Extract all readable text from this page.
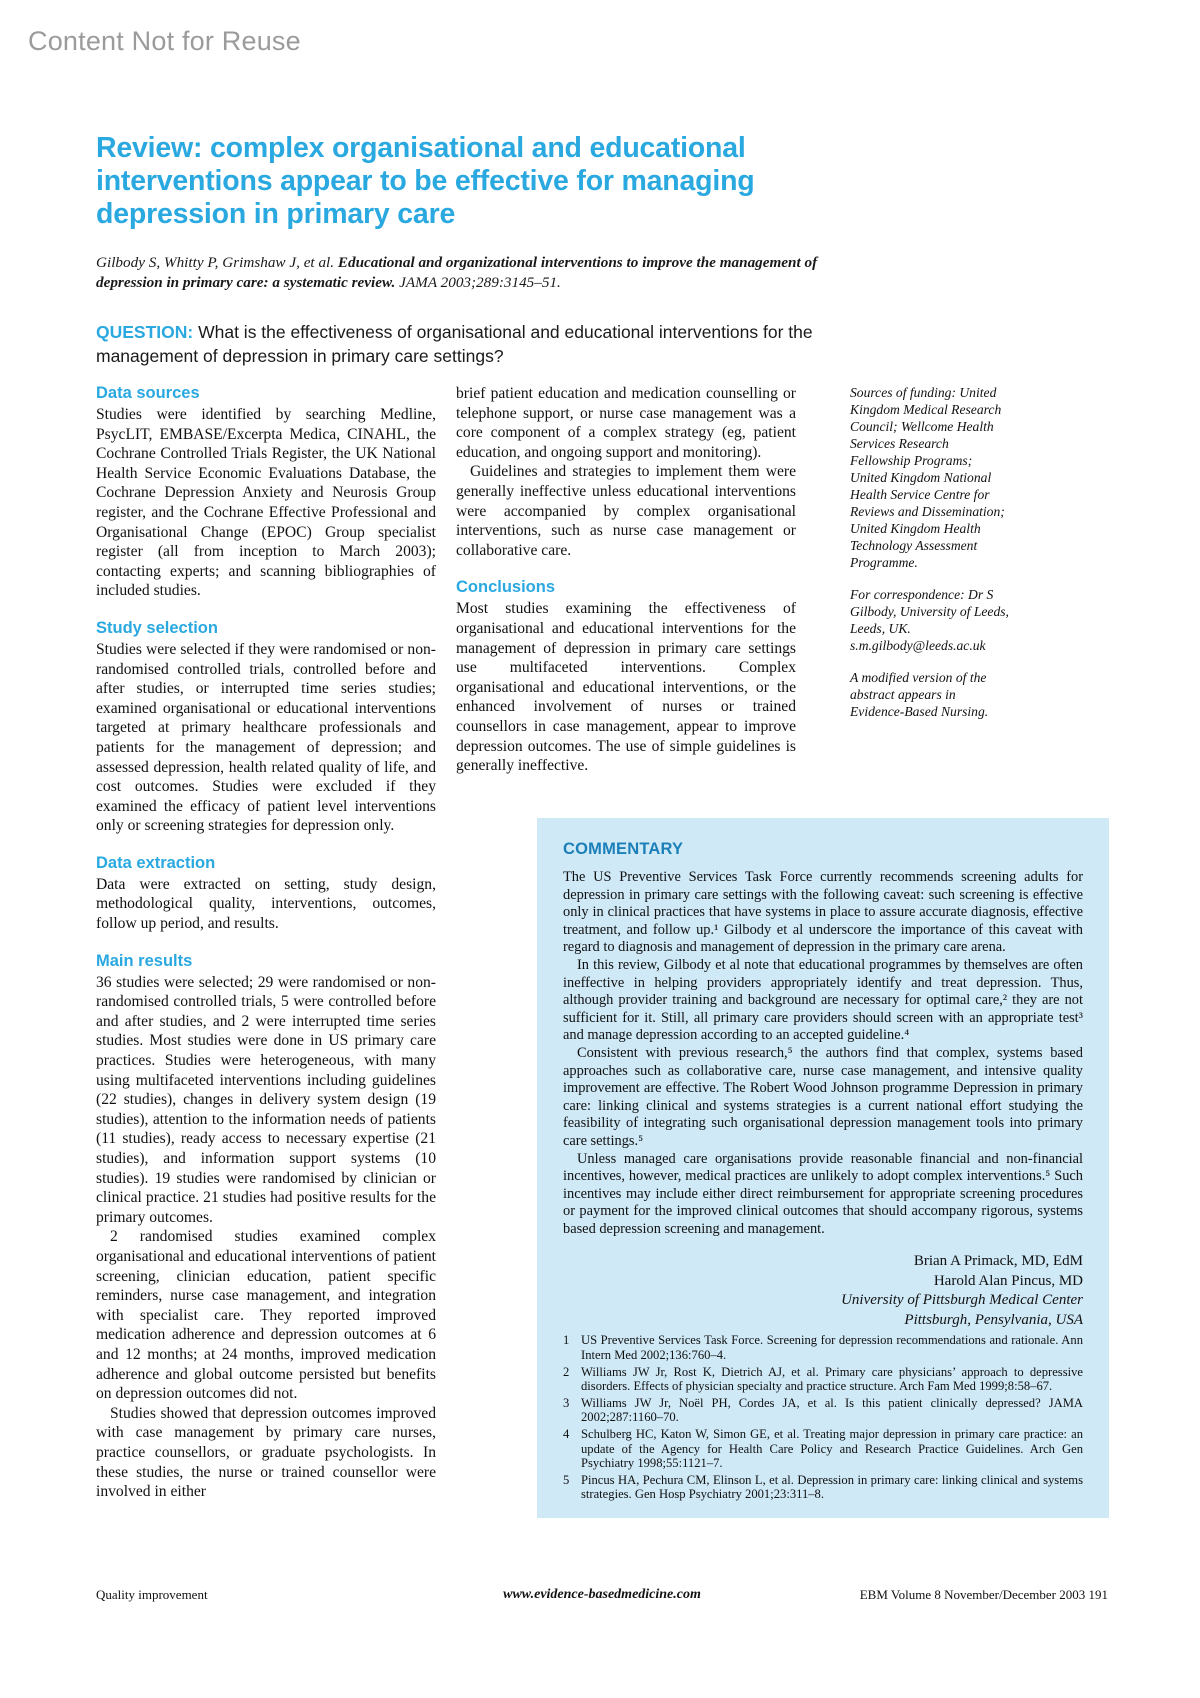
Content Not for Reuse
Review: complex organisational and educational interventions appear to be effective for managing depression in primary care
Gilbody S, Whitty P, Grimshaw J, et al. Educational and organizational interventions to improve the management of depression in primary care: a systematic review. JAMA 2003;289:3145–51.
QUESTION: What is the effectiveness of organisational and educational interventions for the management of depression in primary care settings?
Data sources

Studies were identified by searching Medline, PsycLIT, EMBASE/Excerpta Medica, CINAHL, the Cochrane Controlled Trials Register, the UK National Health Service Economic Evaluations Database, the Cochrane Depression Anxiety and Neurosis Group register, and the Cochrane Effective Professional and Organisational Change (EPOC) Group specialist register (all from inception to March 2003); contacting experts; and scanning bibliographies of included studies.

Study selection

Studies were selected if they were randomised or non-randomised controlled trials, controlled before and after studies, or interrupted time series studies; examined organisational or educational interventions targeted at primary healthcare professionals and patients for the management of depression; and assessed depression, health related quality of life, and cost outcomes. Studies were excluded if they examined the efficacy of patient level interventions only or screening strategies for depression only.

Data extraction

Data were extracted on setting, study design, methodological quality, interventions, outcomes, follow up period, and results.

Main results

36 studies were selected; 29 were randomised or non-randomised controlled trials, 5 were controlled before and after studies, and 2 were interrupted time series studies. Most studies were done in US primary care practices. Studies were heterogeneous, with many using multifaceted interventions including guidelines (22 studies), changes in delivery system design (19 studies), attention to the information needs of patients (11 studies), ready access to necessary expertise (21 studies), and information support systems (10 studies). 19 studies were randomised by clinician or clinical practice. 21 studies had positive results for the primary outcomes.

2 randomised studies examined complex organisational and educational interventions of patient screening, clinician education, patient specific reminders, nurse case management, and integration with specialist care. They reported improved medication adherence and depression outcomes at 6 and 12 months; at 24 months, improved medication adherence and global outcome persisted but benefits on depression outcomes did not.

Studies showed that depression outcomes improved with case management by primary care nurses, practice counsellors, or graduate psychologists. In these studies, the nurse or trained counsellor were involved in either

brief patient education and medication counselling or telephone support, or nurse case management was a core component of a complex strategy (eg, patient education, and ongoing support and monitoring).

Guidelines and strategies to implement them were generally ineffective unless educational interventions were accompanied by complex organisational interventions, such as nurse case management or collaborative care.

Conclusions

Most studies examining the effectiveness of organisational and educational interventions for the management of depression in primary care settings use multifaceted interventions. Complex organisational and educational interventions, or the enhanced involvement of nurses or trained counsellors in case management, appear to improve depression outcomes. The use of simple guidelines is generally ineffective.

Sources of funding: United Kingdom Medical Research Council; Wellcome Health Services Research Fellowship Programs; United Kingdom National Health Service Centre for Reviews and Dissemination; United Kingdom Health Technology Assessment Programme.
For correspondence: Dr S Gilbody, University of Leeds, Leeds, UK. s.m.gilbody@leeds.ac.uk
A modified version of the abstract appears in Evidence-Based Nursing.
COMMENTARY

The US Preventive Services Task Force currently recommends screening adults for depression in primary care settings with the following caveat: such screening is effective only in clinical practices that have systems in place to assure accurate diagnosis, effective treatment, and follow up.¹ Gilbody et al underscore the importance of this caveat with regard to diagnosis and management of depression in the primary care arena.

In this review, Gilbody et al note that educational programmes by themselves are often ineffective in helping providers appropriately identify and treat depression. Thus, although provider training and background are necessary for optimal care,² they are not sufficient for it. Still, all primary care providers should screen with an appropriate test³ and manage depression according to an accepted guideline.⁴

Consistent with previous research,⁵ the authors find that complex, systems based approaches such as collaborative care, nurse case management, and intensive quality improvement are effective. The Robert Wood Johnson programme Depression in primary care: linking clinical and systems strategies is a current national effort studying the feasibility of integrating such organisational depression management tools into primary care settings.⁵

Unless managed care organisations provide reasonable financial and non-financial incentives, however, medical practices are unlikely to adopt complex interventions.⁵ Such incentives may include either direct reimbursement for appropriate screening procedures or payment for the improved clinical outcomes that should accompany rigorous, systems based depression screening and management.

Brian A Primack, MD, EdM
Harold Alan Pincus, MD
University of Pittsburgh Medical Center
Pittsburgh, Pensylvania, USA
1 US Preventive Services Task Force. Screening for depression recommendations and rationale. Ann Intern Med 2002;136:760–4.
2 Williams JW Jr, Rost K, Dietrich AJ, et al. Primary care physicians’ approach to depressive disorders. Effects of physician specialty and practice structure. Arch Fam Med 1999;8:58–67.
3 Williams JW Jr, Noël PH, Cordes JA, et al. Is this patient clinically depressed? JAMA 2002;287:1160–70.
4 Schulberg HC, Katon W, Simon GE, et al. Treating major depression in primary care practice: an update of the Agency for Health Care Policy and Research Practice Guidelines. Arch Gen Psychiatry 1998;55:1121–7.
5 Pincus HA, Pechura CM, Elinson L, et al. Depression in primary care: linking clinical and systems strategies. Gen Hosp Psychiatry 2001;23:311–8.
Quality improvement	www.evidence-basedmedicine.com	EBM Volume 8 November/December 2003 191
